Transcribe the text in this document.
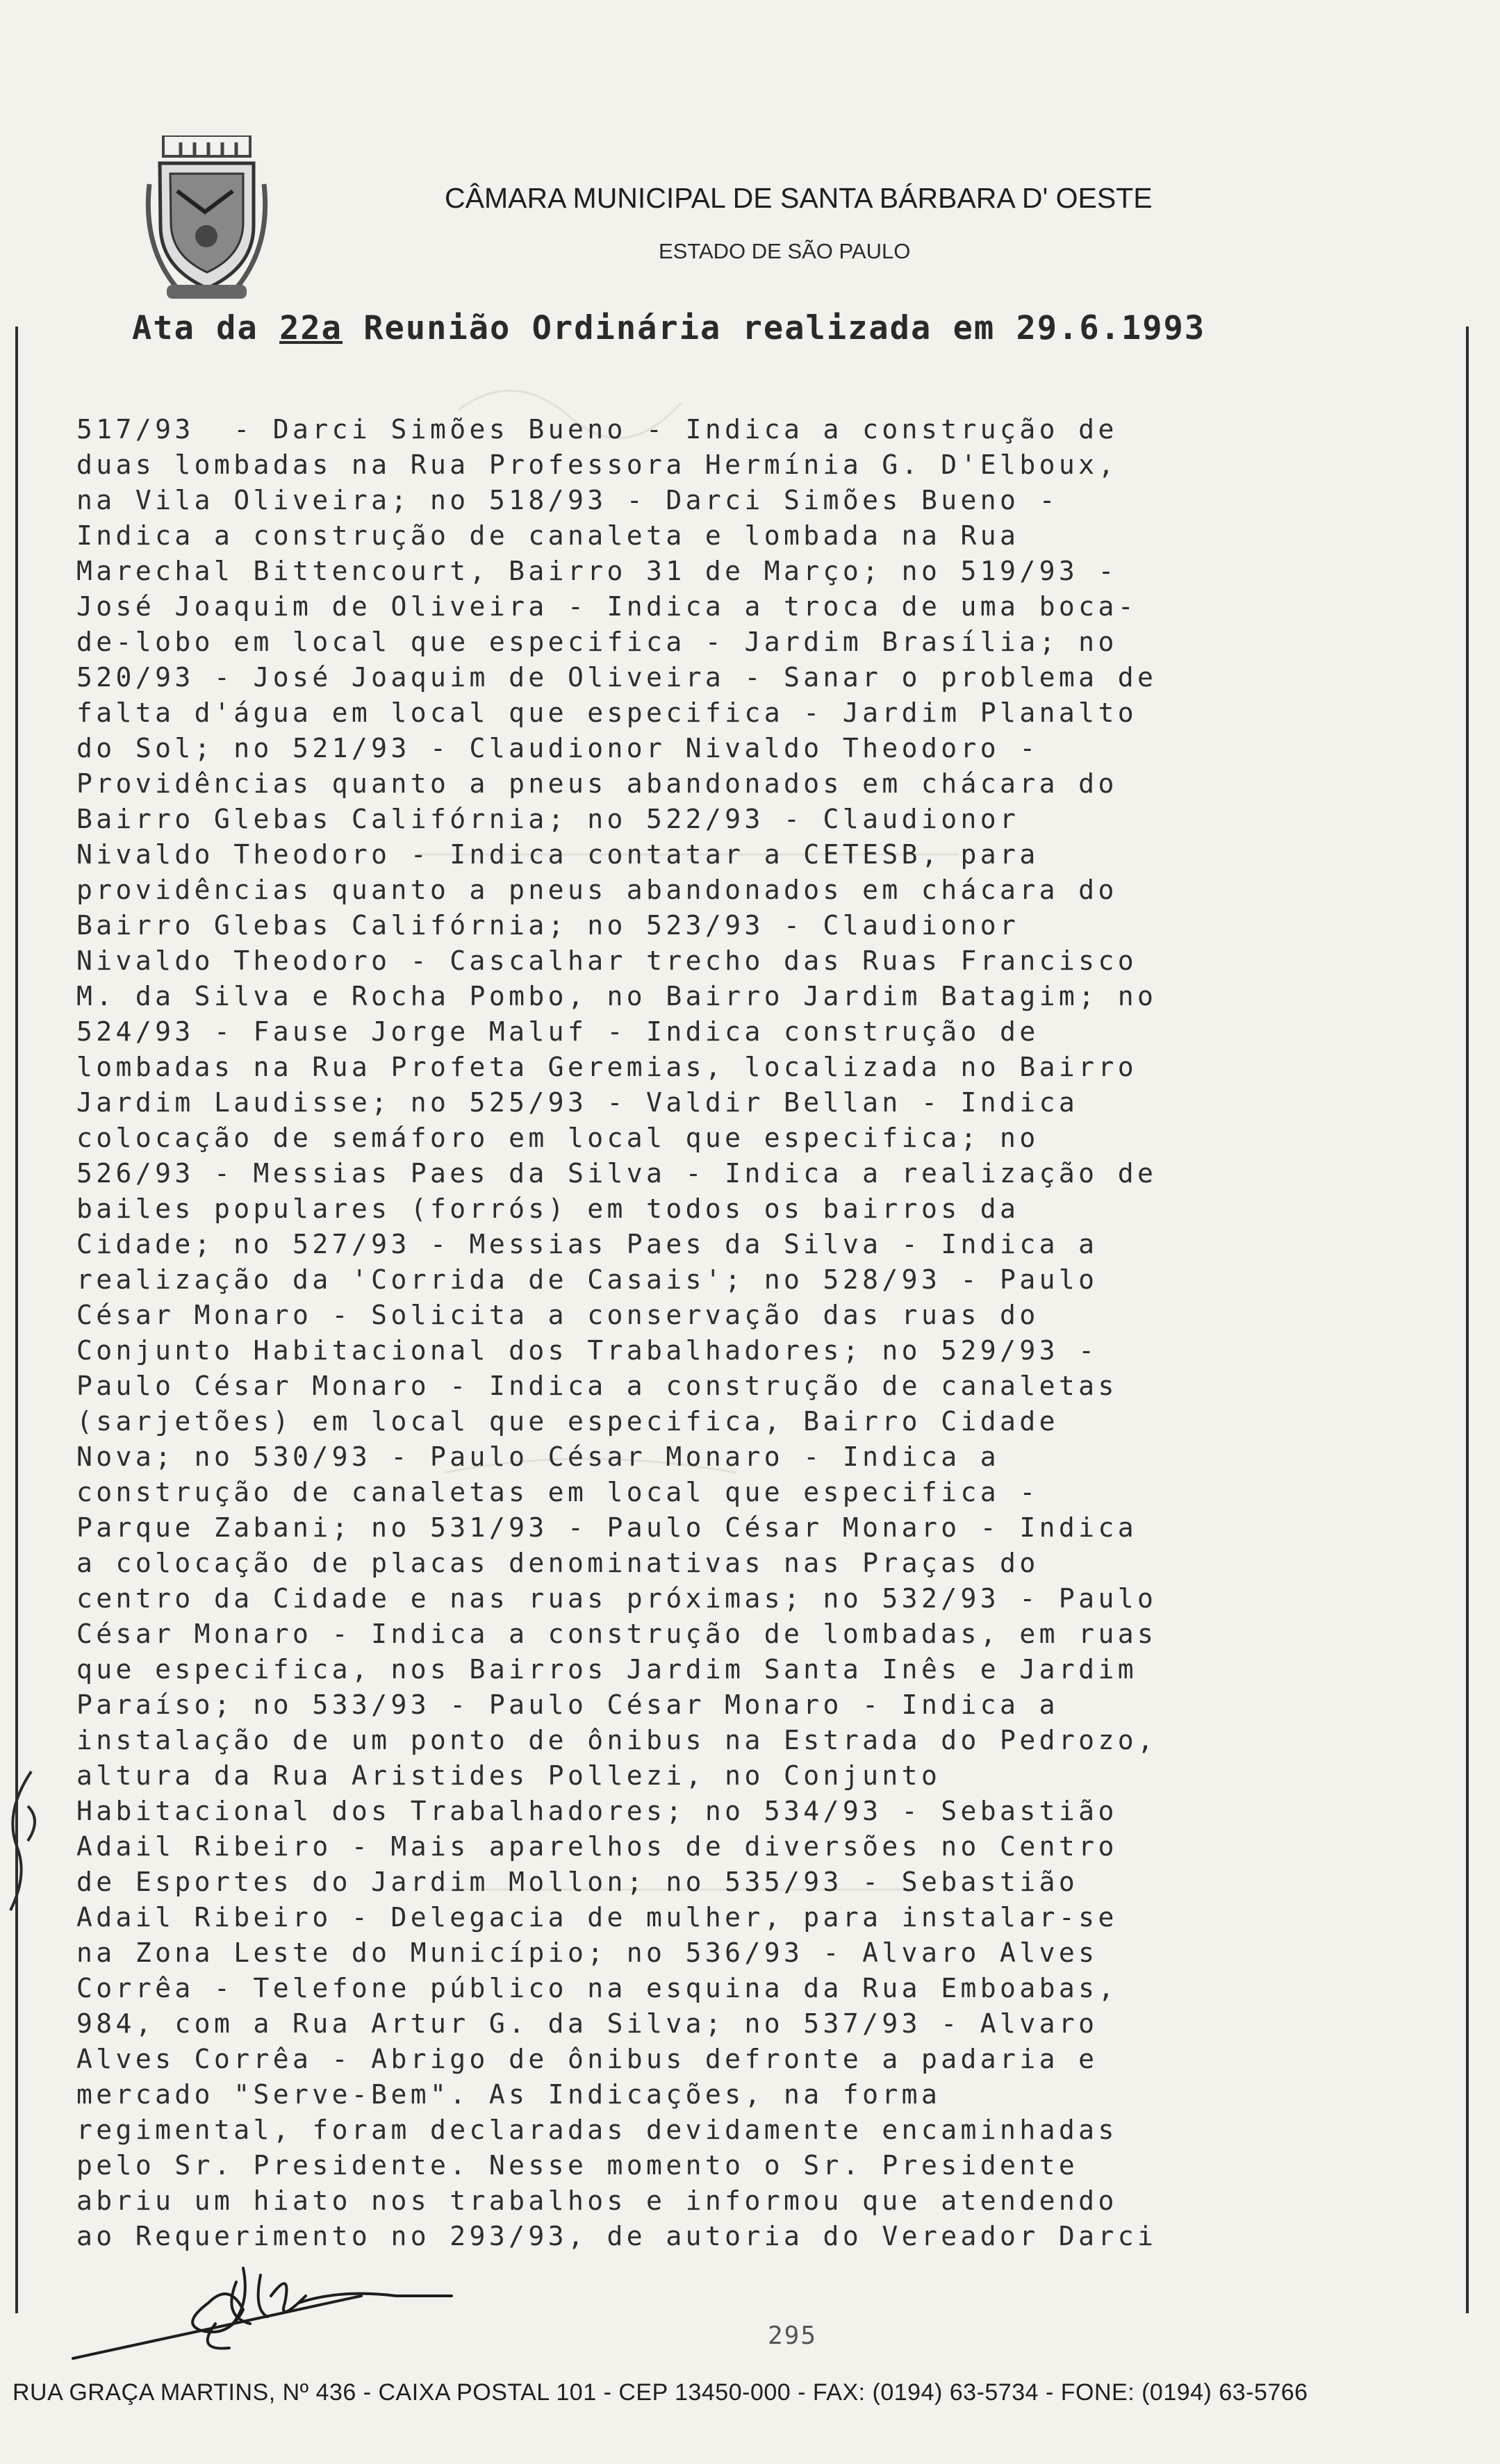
CÂMARA MUNICIPAL DE SANTA BÁRBARA D' OESTE
ESTADO DE SÃO PAULO
Ata da 22a Reunião Ordinária realizada em 29.6.1993
517/93  - Darci Simões Bueno - Indica a construção de
duas lombadas na Rua Professora Hermínia G. D'Elboux,
na Vila Oliveira; no 518/93 - Darci Simões Bueno -
Indica a construção de canaleta e lombada na Rua
Marechal Bittencourt, Bairro 31 de Março; no 519/93 -
José Joaquim de Oliveira - Indica a troca de uma boca-
de-lobo em local que especifica - Jardim Brasília; no
520/93 - José Joaquim de Oliveira - Sanar o problema de
falta d'água em local que especifica - Jardim Planalto
do Sol; no 521/93 - Claudionor Nivaldo Theodoro -
Providências quanto a pneus abandonados em chácara do
Bairro Glebas Califórnia; no 522/93 - Claudionor
Nivaldo Theodoro - Indica contatar a CETESB, para
providências quanto a pneus abandonados em chácara do
Bairro Glebas Califórnia; no 523/93 - Claudionor
Nivaldo Theodoro - Cascalhar trecho das Ruas Francisco
M. da Silva e Rocha Pombo, no Bairro Jardim Batagim; no
524/93 - Fause Jorge Maluf - Indica construção de
lombadas na Rua Profeta Geremias, localizada no Bairro
Jardim Laudisse; no 525/93 - Valdir Bellan - Indica
colocação de semáforo em local que especifica; no
526/93 - Messias Paes da Silva - Indica a realização de
bailes populares (forrós) em todos os bairros da
Cidade; no 527/93 - Messias Paes da Silva - Indica a
realização da 'Corrida de Casais'; no 528/93 - Paulo
César Monaro - Solicita a conservação das ruas do
Conjunto Habitacional dos Trabalhadores; no 529/93 -
Paulo César Monaro - Indica a construção de canaletas
(sarjetões) em local que especifica, Bairro Cidade
Nova; no 530/93 - Paulo César Monaro - Indica a
construção de canaletas em local que especifica -
Parque Zabani; no 531/93 - Paulo César Monaro - Indica
a colocação de placas denominativas nas Praças do
centro da Cidade e nas ruas próximas; no 532/93 - Paulo
César Monaro - Indica a construção de lombadas, em ruas
que especifica, nos Bairros Jardim Santa Inês e Jardim
Paraíso; no 533/93 - Paulo César Monaro - Indica a
instalação de um ponto de ônibus na Estrada do Pedrozo,
altura da Rua Aristides Pollezi, no Conjunto
Habitacional dos Trabalhadores; no 534/93 - Sebastião
Adail Ribeiro - Mais aparelhos de diversões no Centro
de Esportes do Jardim Mollon; no 535/93 - Sebastião
Adail Ribeiro - Delegacia de mulher, para instalar-se
na Zona Leste do Município; no 536/93 - Alvaro Alves
Corrêa - Telefone público na esquina da Rua Emboabas,
984, com a Rua Artur G. da Silva; no 537/93 - Alvaro
Alves Corrêa - Abrigo de ônibus defronte a padaria e
mercado "Serve-Bem". As Indicações, na forma
regimental, foram declaradas devidamente encaminhadas
pelo Sr. Presidente. Nesse momento o Sr. Presidente
abriu um hiato nos trabalhos e informou que atendendo
ao Requerimento no 293/93, de autoria do Vereador Darci
295
RUA GRAÇA MARTINS, Nº 436 - CAIXA POSTAL 101 - CEP 13450-000 - FAX: (0194) 63-5734 - FONE: (0194) 63-5766
